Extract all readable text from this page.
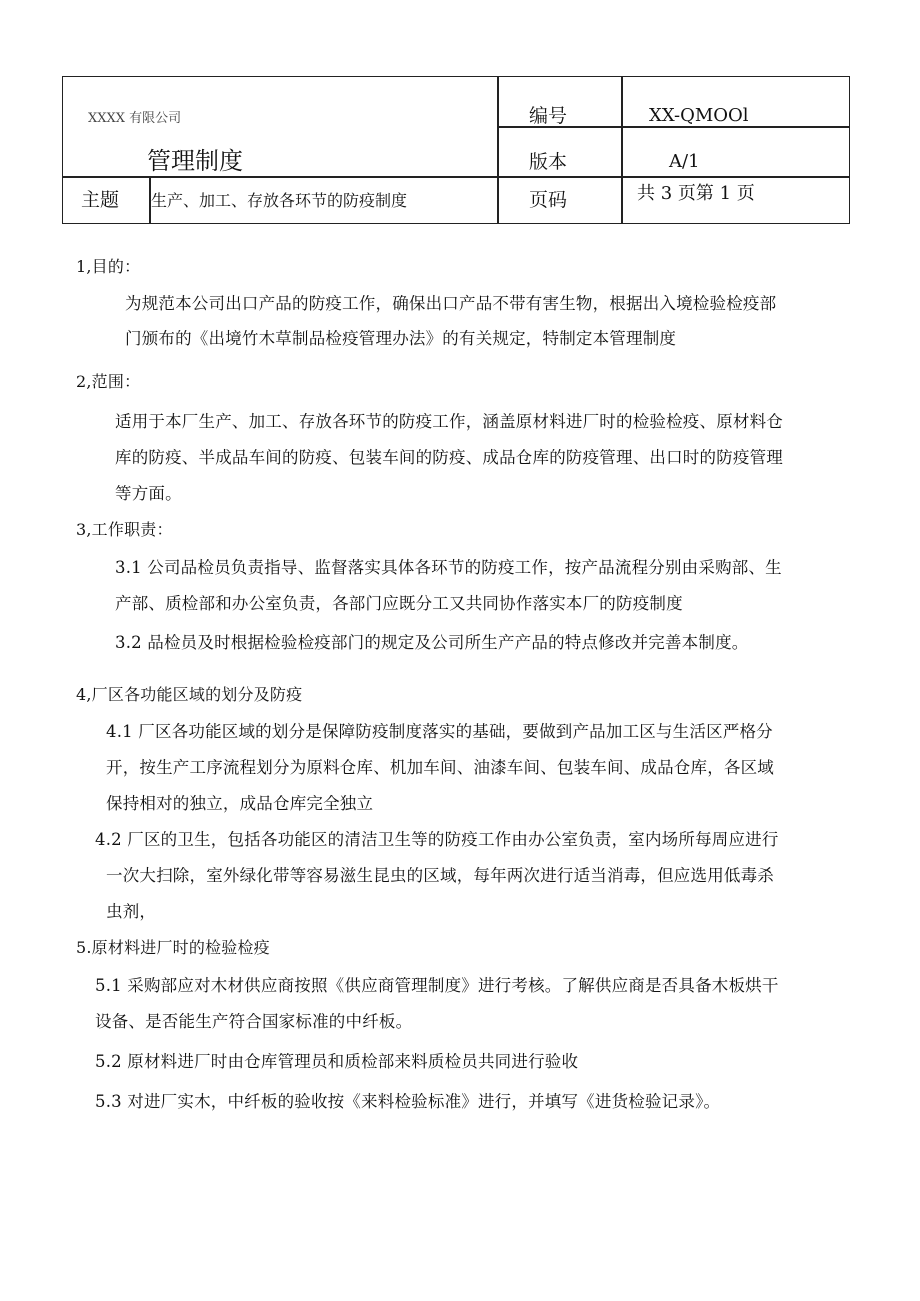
XXXX 有限公司
管理制度
编号	XX-QMOOl
版本	A/1
主题 生产、加工、存放各环节的防疫制度	页码	共 3 页第 1 页
1,目的：
为规范本公司出口产品的防疫工作，确保出口产品不带有害生物，根据出入境检验检疫部
门颁布的《出境竹木草制品检疫管理办法》的有关规定，特制定本管理制度
2,范围：
适用于本厂生产、加工、存放各环节的防疫工作，涵盖原材料进厂时的检验检疫、原材料仓
库的防疫、半成品车间的防疫、包装车间的防疫、成品仓库的防疫管理、出口时的防疫管理
等方面。
3,工作职责：
3.1 公司品检员负责指导、监督落实具体各环节的防疫工作，按产品流程分别由采购部、生
产部、质检部和办公室负责，各部门应既分工又共同协作落实本厂的防疫制度
3.2 品检员及时根据检验检疫部门的规定及公司所生产产品的特点修改并完善本制度。
4,厂区各功能区域的划分及防疫
4.1 厂区各功能区域的划分是保障防疫制度落实的基础，要做到产品加工区与生活区严格分
开，按生产工序流程划分为原料仓库、机加车间、油漆车间、包装车间、成品仓库，各区域
保持相对的独立，成品仓库完全独立
4.2 厂区的卫生，包括各功能区的清洁卫生等的防疫工作由办公室负责，室内场所每周应进行
一次大扫除，室外绿化带等容易滋生昆虫的区域，每年两次进行适当消毒，但应选用低毒杀
虫剂，
5.原材料进厂时的检验检疫
5.1 采购部应对木材供应商按照《供应商管理制度》进行考核。了解供应商是否具备木板烘干
设备、是否能生产符合国家标准的中纤板。
5.2 原材料进厂时由仓库管理员和质检部来料质检员共同进行验收
5.3 对进厂实木，中纤板的验收按《来料检验标准》进行，并填写《进货检验记录》。
